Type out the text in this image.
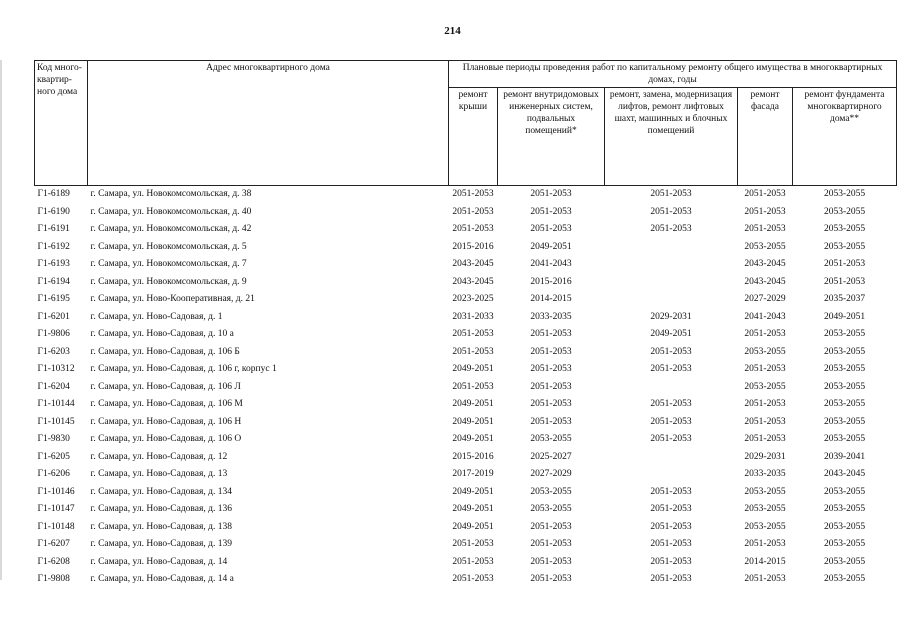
214
Код много-квартир-ного дома	Адрес многоквартирного дома	Плановые периоды проведения работ по капитальному ремонту общего имущества в многоквартирных домах, годы				
		ремонт крыши	ремонт внутридомовых инженерных систем, подвальных помещений*	ремонт, замена, модернизация лифтов, ремонт лифтовых шахт, машинных и блочных помещений	ремонт фасада	ремонт фундамента многоквартирного дома**
Г1-6189	г. Самара, ул. Новокомсомольская, д. 38	2051-2053	2051-2053	2051-2053	2051-2053	2053-2055
Г1-6190	г. Самара, ул. Новокомсомольская, д. 40	2051-2053	2051-2053	2051-2053	2051-2053	2053-2055
Г1-6191	г. Самара, ул. Новокомсомольская, д. 42	2051-2053	2051-2053	2051-2053	2051-2053	2053-2055
Г1-6192	г. Самара, ул. Новокомсомольская, д. 5	2015-2016	2049-2051		2053-2055	2053-2055
Г1-6193	г. Самара, ул. Новокомсомольская, д. 7	2043-2045	2041-2043		2043-2045	2051-2053
Г1-6194	г. Самара, ул. Новокомсомольская, д. 9	2043-2045	2015-2016		2043-2045	2051-2053
Г1-6195	г. Самара, ул. Ново-Кооперативная, д. 21	2023-2025	2014-2015		2027-2029	2035-2037
Г1-6201	г. Самара, ул. Ново-Садовая, д. 1	2031-2033	2033-2035	2029-2031	2041-2043	2049-2051
Г1-9806	г. Самара, ул. Ново-Садовая, д. 10 а	2051-2053	2051-2053	2049-2051	2051-2053	2053-2055
Г1-6203	г. Самара, ул. Ново-Садовая, д. 106 Б	2051-2053	2051-2053	2051-2053	2053-2055	2053-2055
Г1-10312	г. Самара, ул. Ново-Садовая, д. 106 г, корпус 1	2049-2051	2051-2053	2051-2053	2051-2053	2053-2055
Г1-6204	г. Самара, ул. Ново-Садовая, д. 106 Л	2051-2053	2051-2053		2053-2055	2053-2055
Г1-10144	г. Самара, ул. Ново-Садовая, д. 106 М	2049-2051	2051-2053	2051-2053	2051-2053	2053-2055
Г1-10145	г. Самара, ул. Ново-Садовая, д. 106 Н	2049-2051	2051-2053	2051-2053	2051-2053	2053-2055
Г1-9830	г. Самара, ул. Ново-Садовая, д. 106 О	2049-2051	2053-2055	2051-2053	2051-2053	2053-2055
Г1-6205	г. Самара, ул. Ново-Садовая, д. 12	2015-2016	2025-2027		2029-2031	2039-2041
Г1-6206	г. Самара, ул. Ново-Садовая, д. 13	2017-2019	2027-2029		2033-2035	2043-2045
Г1-10146	г. Самара, ул. Ново-Садовая, д. 134	2049-2051	2053-2055	2051-2053	2053-2055	2053-2055
Г1-10147	г. Самара, ул. Ново-Садовая, д. 136	2049-2051	2053-2055	2051-2053	2053-2055	2053-2055
Г1-10148	г. Самара, ул. Ново-Садовая, д. 138	2049-2051	2051-2053	2051-2053	2053-2055	2053-2055
Г1-6207	г. Самара, ул. Ново-Садовая, д. 139	2051-2053	2051-2053	2051-2053	2051-2053	2053-2055
Г1-6208	г. Самара, ул. Ново-Садовая, д. 14	2051-2053	2051-2053	2051-2053	2014-2015	2053-2055
Г1-9808	г. Самара, ул. Ново-Садовая, д. 14 а	2051-2053	2051-2053	2051-2053	2051-2053	2053-2055
